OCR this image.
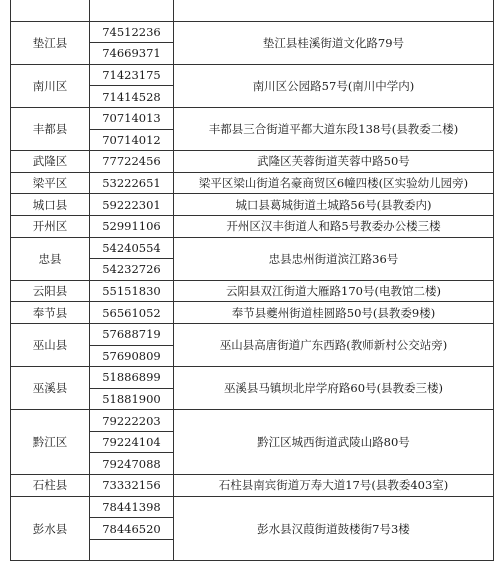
垫江县	74512236	垫江县桂溪街道文化路79号
	74669371	
南川区	71423175	南川区公园路57号(南川中学内)
	71414528	
丰都县	70714013	丰都县三合街道平都大道东段138号(县教委二楼)
	70714012	
武隆区	77722456	武隆区芙蓉街道芙蓉中路50号
梁平区	53222651	梁平区梁山街道名豪商贸区6幢四楼(区实验幼儿园旁)
城口县	59222301	城口县葛城街道土城路56号(县教委内)
开州区	52991106	开州区汉丰街道人和路5号教委办公楼三楼
忠县	54240554	忠县忠州街道滨江路36号
	54232726	
云阳县	55151830	云阳县双江街道大雁路170号(电教馆二楼)
奉节县	56561052	奉节县夔州街道桂圆路50号(县教委9楼)
巫山县	57688719	巫山县高唐街道广东西路(教师新村公交站旁)
	57690809	
巫溪县	51886899	巫溪县马镇坝北岸学府路60号(县教委三楼)
	51881900	
黔江区	79222203	黔江区城西街道武陵山路80号
	79224104	
	79247088	
石柱县	73332156	石柱县南宾街道万寿大道17号(县教委403室)
彭水县	78441398	彭水县汉葭街道鼓楼街7号3楼
	78446520	
